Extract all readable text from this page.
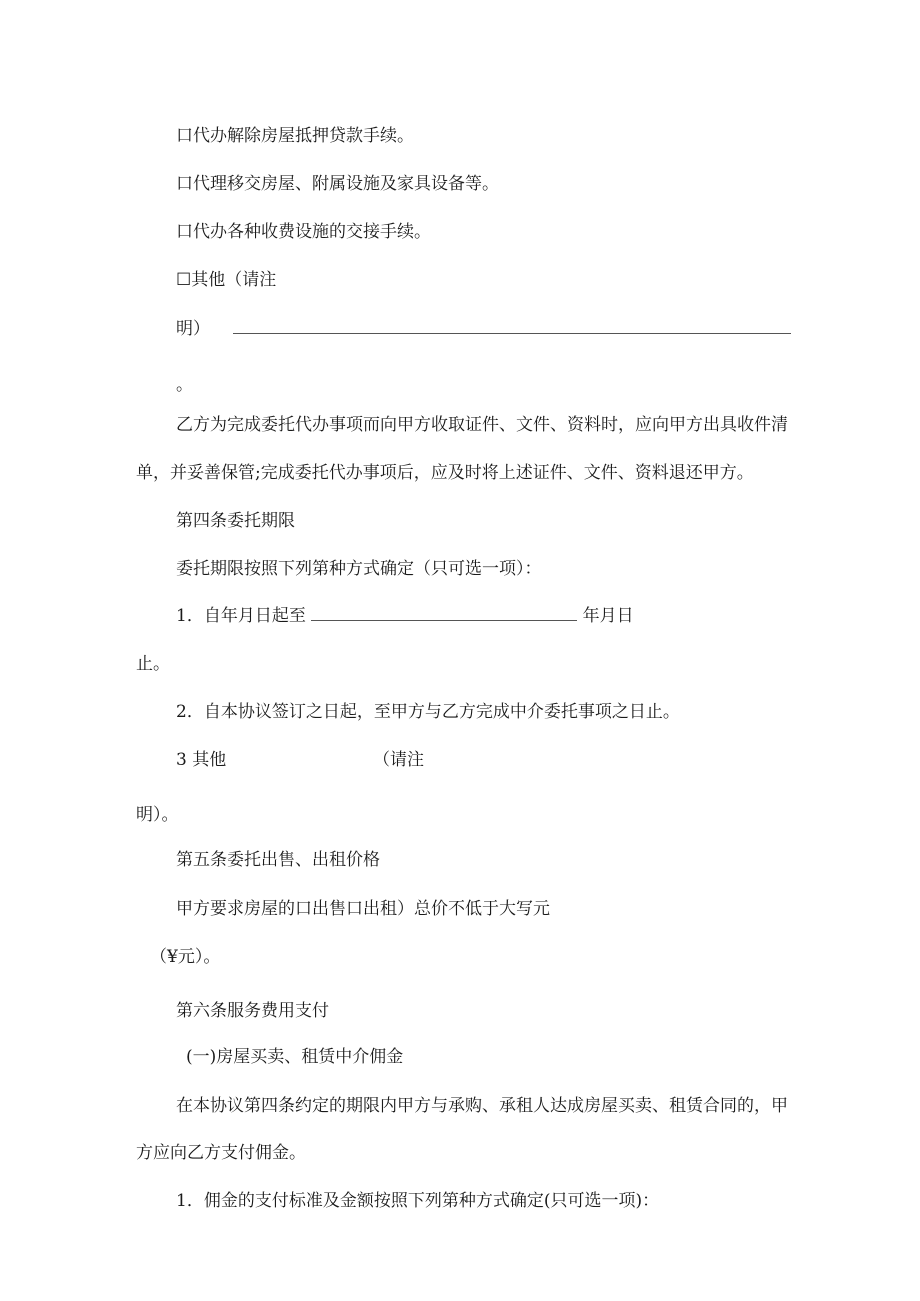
口代办解除房屋抵押贷款手续。
口代理移交房屋、附属设施及家具设备等。
口代办各种收费设施的交接手续。
☐其他（请注
明）
。
乙方为完成委托代办事项而向甲方收取证件、文件、资料时，应向甲方出具收件清
单，并妥善保管;完成委托代办事项后，应及时将上述证件、文件、资料退还甲方。
第四条委托期限
委托期限按照下列第种方式确定（只可选一项）：
1．自年月日起至	年月日
止。
2．自本协议签订之日起，至甲方与乙方完成中介委托事项之日止。
3 其他	（请注
明）。
第五条委托出售、出租价格
甲方要求房屋的口出售口出租）总价不低于大写元
（¥元）。
第六条服务费用支付
(一)房屋买卖、租赁中介佣金
在本协议第四条约定的期限内甲方与承购、承租人达成房屋买卖、租赁合同的，甲
方应向乙方支付佣金。
1．佣金的支付标准及金额按照下列第种方式确定(只可选一项)：
